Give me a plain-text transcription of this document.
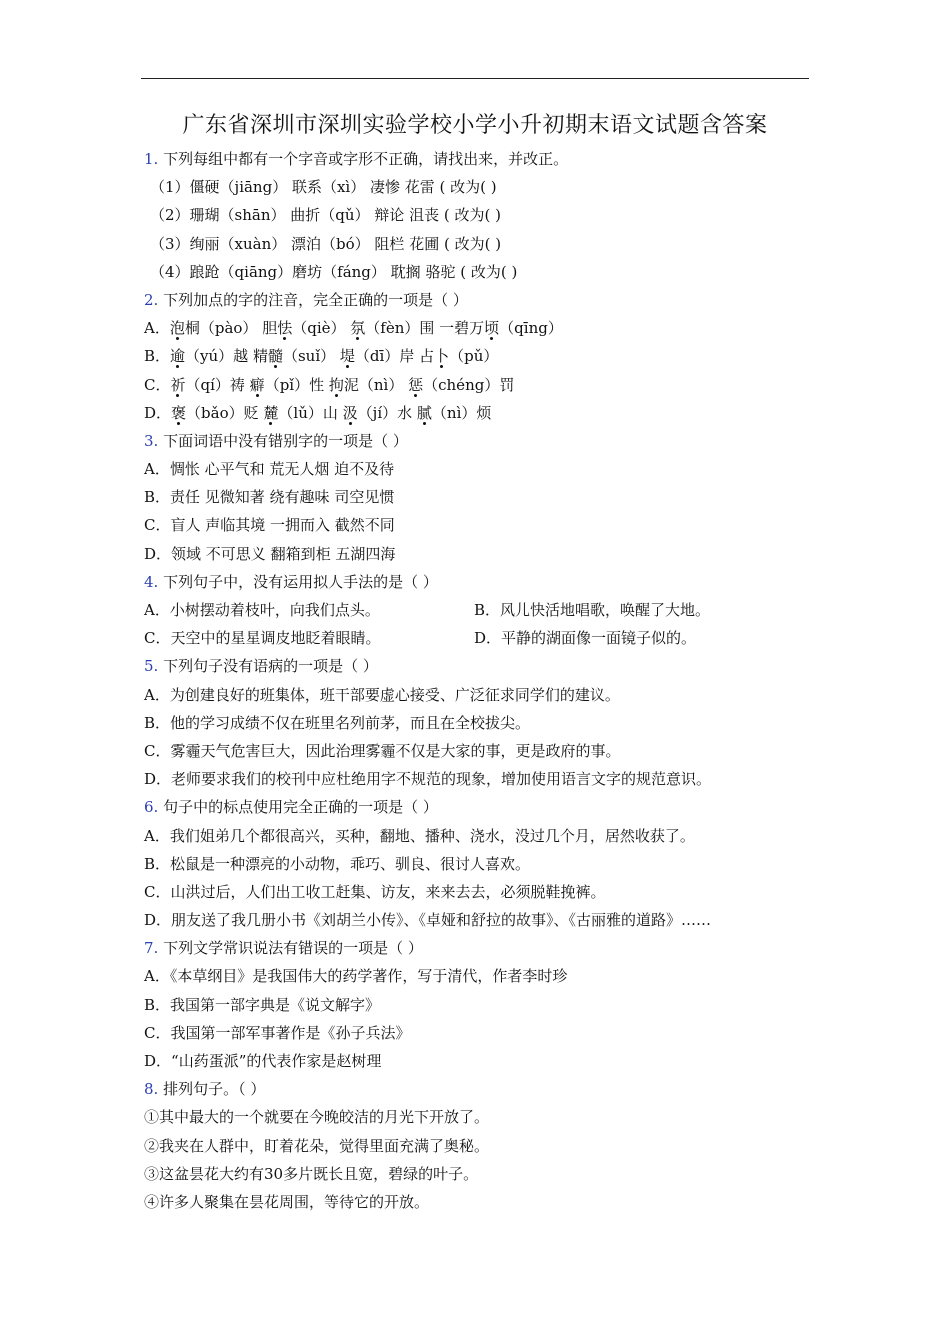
广东省深圳市深圳实验学校小学小升初期末语文试题含答案
1. 下列每组中都有一个字音或字形不正确，请找出来，并改正。
（1）僵硬（jiāng） 联系（xì） 凄惨 花雷 ( 改为( )
（2）珊瑚（shān） 曲折（qǔ） 辩论 沮丧 ( 改为( )
（3）绚丽（xuàn） 漂泊（bó） 阻栏 花圃 ( 改为( )
（4）踉跄（qiāng）磨坊（fáng） 耽搁 骆驼 ( 改为( )
2. 下列加点的字的注音，完全正确的一项是（ ）
A．泡桐（pào） 胆怯（qiè） 氛（fèn）围 一碧万顷（qīng）
B．逾（yú）越 精髓（suǐ） 堤（dī）岸 占卜（pǔ）
C．祈（qí）祷 癖（pǐ）性 拘泥（nì） 惩（chéng）罚
D．褒（bǎo）贬 麓（lǔ）山 汲（jí）水 腻（nì）烦
3. 下面词语中没有错别字的一项是（ ）
A．惆怅 心平气和 荒无人烟 迫不及待
B．责任 见微知著 绕有趣味 司空见惯
C．盲人 声临其境 一拥而入 截然不同
D．领域 不可思义 翻箱到柜 五湖四海
4. 下列句子中，没有运用拟人手法的是（ ）
A．小树摆动着枝叶，向我们点头。	B．风儿快活地唱歌，唤醒了大地。
C．天空中的星星调皮地眨着眼睛。	D．平静的湖面像一面镜子似的。
5. 下列句子没有语病的一项是（ ）
A．为创建良好的班集体，班干部要虚心接受、广泛征求同学们的建议。
B．他的学习成绩不仅在班里名列前茅，而且在全校拔尖。
C．雾霾天气危害巨大，因此治理雾霾不仅是大家的事，更是政府的事。
D．老师要求我们的校刊中应杜绝用字不规范的现象，增加使用语言文字的规范意识。
6. 句子中的标点使用完全正确的一项是（ ）
A．我们姐弟几个都很高兴，买种，翻地、播种、浇水，没过几个月，居然收获了。
B．松鼠是一种漂亮的小动物，乖巧、驯良、很讨人喜欢。
C．山洪过后，人们出工收工赶集、访友，来来去去，必须脱鞋挽裤。
D．朋友送了我几册小书《刘胡兰小传》、《卓娅和舒拉的故事》、《古丽雅的道路》……
7. 下列文学常识说法有错误的一项是（ ）
A．《本草纲目》是我国伟大的药学著作，写于清代，作者李时珍
B．我国第一部字典是《说文解字》
C．我国第一部军事著作是《孙子兵法》
D．“山药蛋派”的代表作家是赵树理
8. 排列句子。（ ）
①其中最大的一个就要在今晚皎洁的月光下开放了。
②我夹在人群中，盯着花朵，觉得里面充满了奥秘。
③这盆昙花大约有30多片既长且宽，碧绿的叶子。
④许多人聚集在昙花周围，等待它的开放。
